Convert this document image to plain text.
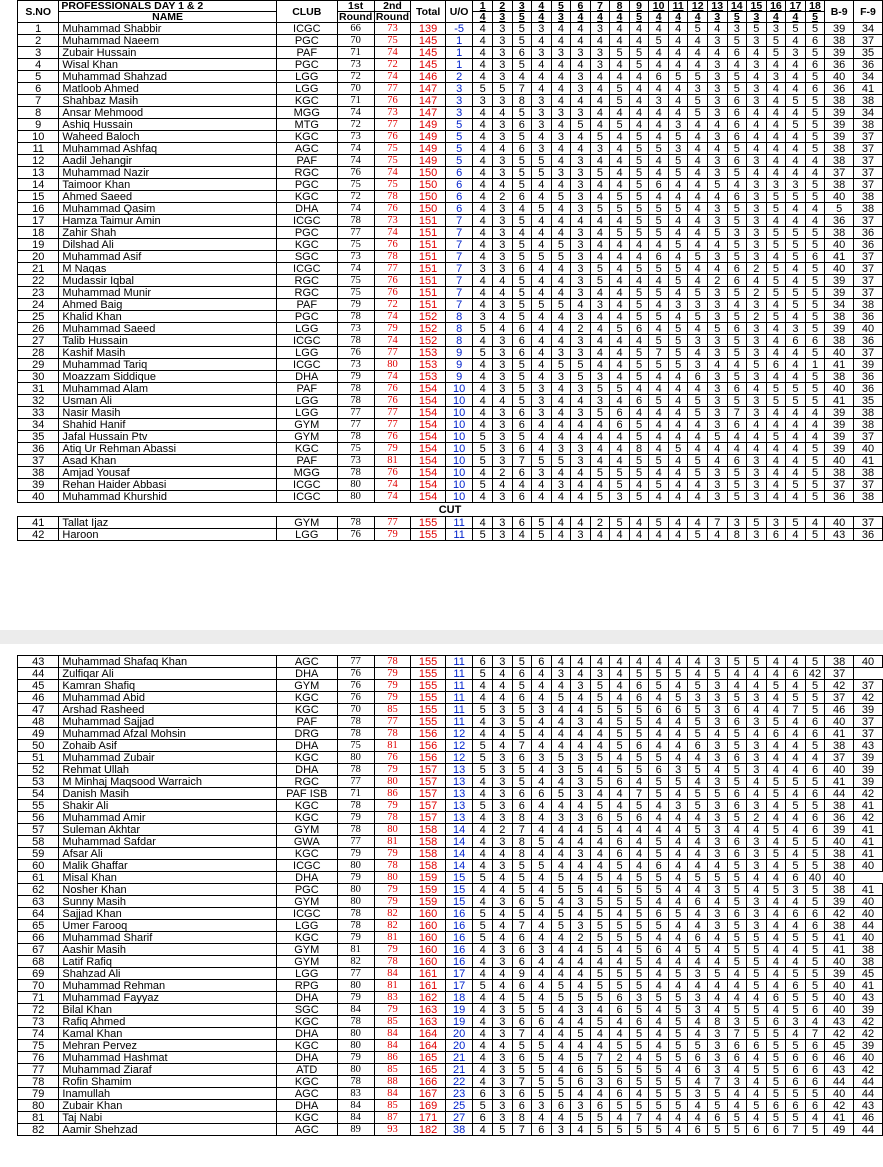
S.NO	PROFESSIONALS DAY 1 & 2	CLUB	1st	2nd	Total	U/O	1	2	3	4	5	6	7	8	9	10	11	12	13	14	15	16	17	18	B-9	F-9
	NAME		Round	Round			4	3	5	4	3	4	4	4	5	4	4	4	3	5	3	4	4	5		
1	Muhammad Shabbir	ICGC	66	73	139	-5	4	3	5	3	4	4	3	4	4	4	4	5	4	3	5	3	5	5	39	34
2	Muhammad Naeem	PGC	70	75	145	1	4	3	5	4	4	4	4	4	4	5	4	4	3	5	3	5	4	6	38	37
3	Zubair Hussain	PAF	71	74	145	1	4	3	6	3	3	3	3	5	5	4	4	4	4	6	4	5	3	5	39	35
4	Wisal Khan	PGC	73	72	145	1	4	3	5	4	4	4	3	4	5	4	4	4	3	4	3	4	4	6	36	36
5	Muhammad Shahzad	LGG	72	74	146	2	4	3	4	4	4	3	4	4	4	6	5	5	3	5	4	3	4	5	40	34
6	Matloob Ahmed	LGG	70	77	147	3	5	5	7	4	4	3	4	5	4	4	4	3	3	5	3	4	4	6	36	41
7	Shahbaz Masih	KGC	71	76	147	3	3	3	8	3	4	4	4	5	4	3	4	5	3	6	3	4	5	5	38	38
8	Ansar Mehmood	MGG	74	73	147	3	4	4	5	3	3	3	4	4	4	4	4	5	3	6	4	4	4	5	39	34
9	Ashiq Hussain	MTG	72	77	149	5	4	3	6	3	4	5	4	5	4	4	3	4	4	6	4	4	5	5	39	38
10	Waheed Baloch	KGC	73	76	149	5	4	3	5	4	3	4	5	4	5	4	5	4	3	6	4	4	4	5	39	37
11	Muhammad Ashfaq	AGC	74	75	149	5	4	4	6	3	4	4	3	4	5	5	3	4	4	5	4	4	4	5	38	37
12	Aadil Jehangir	PAF	74	75	149	5	4	3	5	5	4	3	4	4	5	4	5	4	3	6	3	4	4	4	38	37
13	Muhammad Nazir	RGC	76	74	150	6	4	3	5	5	3	3	5	4	5	4	5	4	3	5	4	4	4	4	37	37
14	Taimoor Khan	PGC	75	75	150	6	4	4	5	4	4	3	4	4	5	6	4	4	5	4	3	3	3	5	38	37
15	Ahmed Saeed	KGC	72	78	150	6	4	2	6	4	5	3	4	5	5	4	4	4	4	6	3	5	5	5	40	38
16	Muhammad Qasim	DHA	74	76	150	6	4	3	4	5	4	3	5	5	5	5	5	4	3	5	3	5	4	4	5	38
17	Hamza Taimur Amin	ICGC	78	73	151	7	4	3	5	4	4	4	4	4	5	5	4	4	3	5	3	4	4	4	36	37
18	Zahir Shah	PGC	77	74	151	7	4	3	4	4	4	3	4	5	5	5	4	4	5	3	3	5	5	5	38	36
19	Dilshad Ali	KGC	75	76	151	7	4	3	5	4	5	3	4	4	4	4	5	4	4	5	3	5	5	5	40	36
20	Muhammad Asif	SGC	73	78	151	7	4	3	5	5	5	3	4	4	4	6	4	5	3	5	3	4	5	6	41	37
21	M Naqas	ICGC	74	77	151	7	3	3	6	4	4	3	5	4	5	5	5	4	4	6	2	5	4	5	40	37
22	Mudassir Iqbal	RGC	75	76	151	7	4	4	5	4	4	3	5	4	4	4	5	4	2	6	4	5	4	5	39	37
23	Muhammad Munir	RGC	75	76	151	7	4	4	5	4	4	3	4	4	5	5	4	5	3	5	2	5	5	5	39	37
24	Ahmed Baig	PAF	79	72	151	7	4	3	5	5	5	4	3	4	5	4	3	3	3	4	3	4	5	5	34	38
25	Khalid Khan	PGC	78	74	152	8	3	4	5	4	4	3	4	4	5	5	4	5	3	5	2	5	4	5	38	36
26	Muhammad Saeed	LGG	73	79	152	8	5	4	6	4	4	2	4	5	6	4	5	4	5	6	3	4	3	5	39	40
27	Talib Hussain	ICGC	78	74	152	8	4	3	6	4	4	3	4	4	4	5	5	3	3	5	3	4	6	6	38	36
28	Kashif Masih	LGG	76	77	153	9	5	3	6	4	3	3	4	4	5	7	5	4	3	5	3	4	4	5	40	37
29	Muhammad Tariq	ICGC	73	80	153	9	4	3	5	4	5	5	4	4	5	5	5	3	4	4	5	6	4	1	41	39
30	Moazzam Siddique	DHA	79	74	153	9	4	3	5	4	3	5	3	4	5	4	4	6	3	5	3	4	4	5	38	36
31	Muhammad Alam	PAF	78	76	154	10	4	3	5	3	4	3	5	5	4	4	4	4	3	6	4	5	5	5	40	36
32	Usman Ali	LGG	78	76	154	10	4	4	5	3	4	4	3	4	6	5	4	5	3	5	3	5	5	5	41	35
33	Nasir Masih	LGG	77	77	154	10	4	3	6	3	4	3	5	6	4	4	4	5	3	7	3	4	4	4	39	38
34	Shahid Hanif	GYM	77	77	154	10	4	3	6	4	4	4	4	6	5	4	4	4	3	6	4	4	4	4	39	38
35	Jafal Hussain Ptv	GYM	78	76	154	10	5	3	5	4	4	4	4	4	5	4	4	4	5	4	4	5	4	4	39	37
36	Atiq Ur Rehman Abassi	KGC	75	79	154	10	5	3	6	4	3	3	4	4	8	4	5	4	4	4	4	4	4	5	39	40
37	Asad Khan	PAF	73	81	154	10	5	3	7	5	5	3	4	4	5	5	4	5	4	6	3	4	4	5	40	41
38	Amjad Yousaf	MGG	78	76	154	10	4	2	6	3	4	4	5	5	5	4	4	5	3	5	3	4	4	5	38	38
39	Rehan Haider Abbasi	ICGC	80	74	154	10	5	4	4	4	3	4	4	5	4	5	4	4	3	5	3	4	5	5	37	37
40	Muhammad Khurshid	ICGC	80	74	154	10	4	3	6	4	4	4	5	3	5	4	4	4	3	5	3	4	4	5	36	38
CUT																										
41	Tallat Ijaz	GYM	78	77	155	11	4	3	6	5	4	4	2	5	4	5	4	4	7	3	5	3	5	4	40	37
42	Haroon	LGG	76	79	155	11	5	3	4	5	4	3	4	4	4	4	4	5	4	8	3	6	4	5	43	36
43	Muhammad Shafaq Khan	AGC	77	78	155	11	6	3	5	6	4	4	4	4	4	4	4	4	3	5	5	4	4	5	38	40
44	Zulfiqar Ali	DHA	76	79	155	11	5	4	6	4	3	4	3	4	5	5	5	4	5	4	4	4	6	42	37	
45	Kamran Shafiq	GYM	76	79	155	11	4	4	5	4	4	3	5	4	6	5	4	5	3	4	4	5	4	5	42	37
46	Muhammad Abid	KGC	76	79	155	11	4	4	6	4	5	4	5	4	6	4	5	3	3	5	3	4	5	5	37	42
47	Arshad Rasheed	KGC	70	85	155	11	5	3	5	3	4	4	5	5	5	6	6	5	3	6	4	4	7	5	46	39
48	Muhammad Sajjad	PAF	78	77	155	11	4	3	5	4	4	3	4	5	5	4	4	5	3	6	3	5	4	6	40	37
49	Muhammad Afzal Mohsin	DRG	78	78	156	12	4	4	5	4	4	4	4	5	5	4	4	5	4	5	4	6	4	6	41	37
50	Zohaib Asif	DHA	75	81	156	12	5	4	7	4	4	4	4	5	6	4	4	6	3	5	3	4	4	5	38	43
51	Muhammad Zubair	KGC	80	76	156	12	5	3	6	3	5	3	5	4	5	5	4	4	3	6	3	4	4	4	37	39
52	Rehmat Ullah	DHA	78	79	157	13	5	3	5	4	3	5	4	5	5	6	3	5	4	5	3	4	4	6	40	39
53	M Minhaj Maqsood Warraich	RGC	77	80	157	13	4	3	5	4	4	3	5	6	4	5	5	4	3	5	4	5	5	5	41	39
54	Danish Masih	PAF ISB	71	86	157	13	4	3	6	6	5	3	4	4	7	5	4	5	5	6	4	5	4	6	44	42
55	Shakir Ali	KGC	78	79	157	13	5	3	6	4	4	4	5	4	5	4	3	5	3	6	3	4	5	5	38	41
56	Muhammad Amir	KGC	79	78	157	13	4	3	8	4	3	3	6	5	6	4	4	4	3	5	2	4	4	6	36	42
57	Suleman Akhtar	GYM	78	80	158	14	4	2	7	4	4	4	5	4	4	4	4	5	3	4	4	5	4	6	39	41
58	Muhammad Safdar	GWA	77	81	158	14	4	3	8	5	4	4	4	6	4	5	4	4	3	6	3	4	5	5	40	41
59	Afsar Ali	KGC	79	79	158	14	4	4	8	4	4	3	4	6	4	5	4	4	3	6	3	5	4	5	38	41
60	Malik Ghaffar	ICGC	80	78	158	14	4	3	5	5	4	4	4	5	4	6	4	4	4	5	3	4	5	5	38	40
61	Misal Khan	DHA	79	80	159	15	5	4	5	4	5	4	5	4	5	5	4	5	5	5	4	4	6	40	40	
62	Nosher Khan	PGC	80	79	159	15	4	4	5	4	5	5	4	5	5	5	4	4	3	5	4	5	3	5	38	41
63	Sunny Masih	GYM	80	79	159	15	4	3	6	5	4	3	5	5	5	4	4	6	4	5	3	4	4	5	39	40
64	Sajjad Khan	ICGC	78	82	160	16	5	4	5	4	5	4	5	4	5	6	5	4	3	6	3	4	6	6	42	40
65	Umer Farooq	LGG	78	82	160	16	5	4	7	4	5	3	5	5	5	5	4	4	3	5	3	4	4	6	38	44
66	Muhammad Sharif	KGC	79	81	160	16	5	4	6	4	4	2	5	5	5	4	4	6	4	5	5	4	5	5	41	40
67	Aashir Masih	GYM	81	79	160	16	4	3	6	3	4	4	5	4	5	6	4	5	4	5	5	4	4	5	41	38
68	Latif Rafiq	GYM	82	78	160	16	4	3	6	4	4	4	4	4	5	4	4	4	4	5	5	4	4	5	40	38
69	Shahzad Ali	LGG	77	84	161	17	4	4	9	4	4	4	5	5	5	4	5	3	5	4	5	4	5	5	39	45
70	Muhammad Rehman	RPG	80	81	161	17	5	4	6	4	5	4	5	5	5	4	4	4	4	4	5	4	6	5	40	41
71	Muhammad Fayyaz	DHA	79	83	162	18	4	4	5	4	5	5	5	6	3	5	5	3	4	4	4	6	5	5	40	43
72	Bilal Khan	SGC	84	79	163	19	4	3	5	5	4	3	4	6	5	4	5	3	4	5	5	4	5	6	40	39
73	Rafiq Ahmed	KGC	78	85	163	19	4	3	6	6	4	4	5	4	6	4	5	4	8	3	5	6	3	4	43	42
74	Kamal Khan	DHA	80	84	164	20	4	3	7	4	4	5	4	4	5	4	5	4	3	7	5	5	4	7	42	42
75	Mehran Pervez	KGC	80	84	164	20	4	4	5	5	4	4	4	5	5	4	5	5	3	6	6	5	5	6	45	39
76	Muhammad Hashmat	DHA	79	86	165	21	4	3	6	5	4	5	7	2	4	5	5	6	3	6	4	5	6	6	46	40
77	Muhammad Ziaraf	ATD	80	85	165	21	4	3	5	5	4	6	5	5	5	5	4	6	3	4	5	5	6	6	43	42
78	Rofin Shamim	KGC	78	88	166	22	4	3	7	5	5	6	3	6	5	5	5	4	7	3	4	5	6	6	44	44
79	Inamullah	AGC	83	84	167	23	6	3	6	5	5	4	4	6	4	5	5	3	5	4	4	5	5	5	40	44
80	Zubair Khan	DHA	84	85	169	25	5	3	6	3	6	3	6	5	5	5	5	4	5	4	5	6	6	6	42	43
81	Taj Nabi	KGC	84	87	171	27	6	3	8	4	4	5	5	4	7	4	4	4	6	5	4	5	5	4	41	46
82	Aamir Shehzad	AGC	89	93	182	38	4	5	7	6	3	4	5	5	5	5	4	6	5	5	6	6	7	5	49	44
